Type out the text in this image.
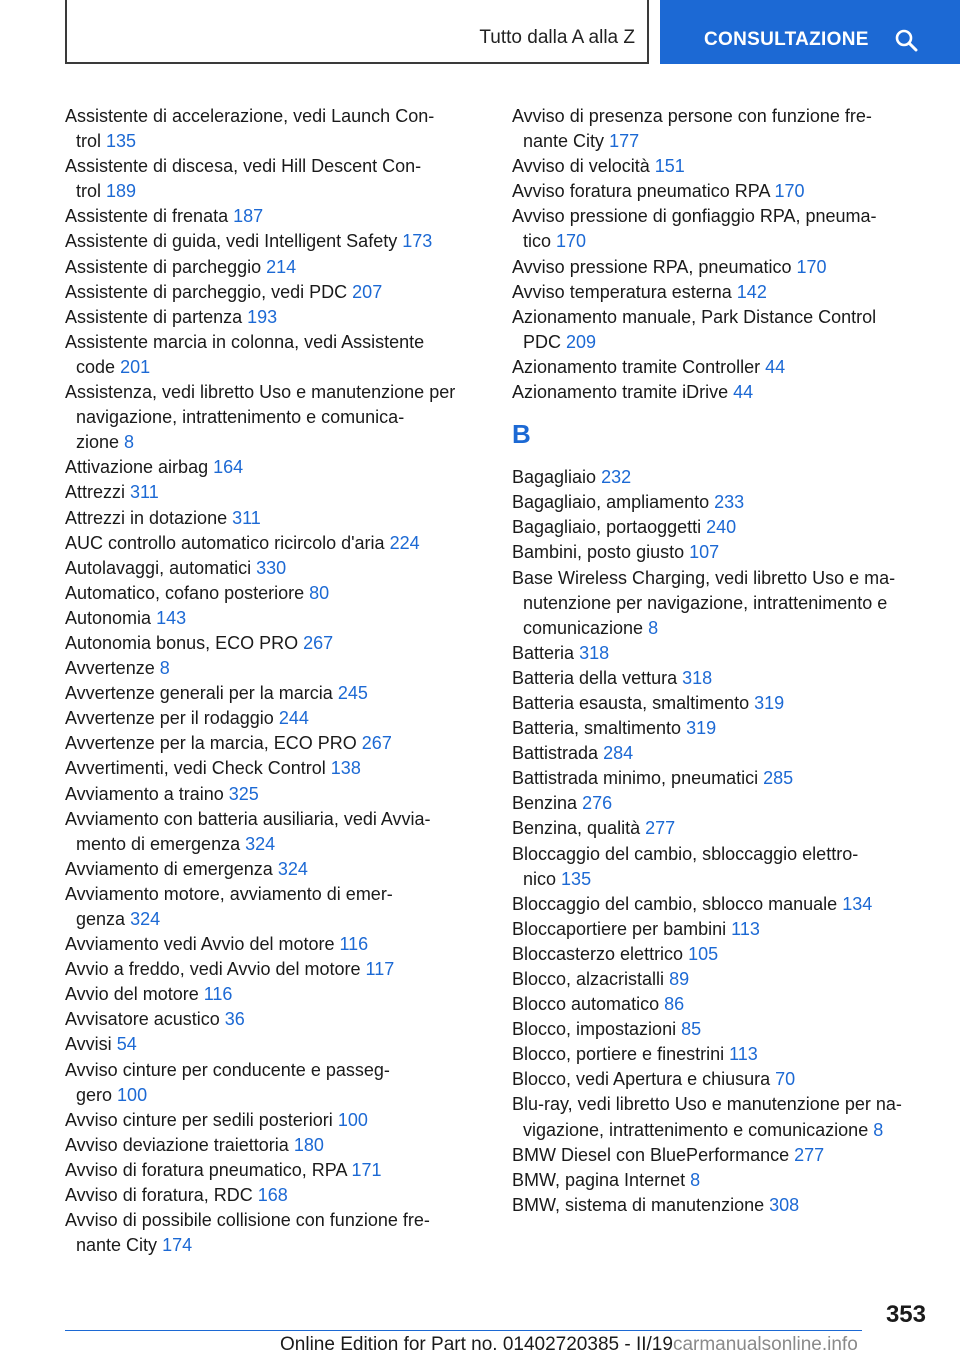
Tutto dalla A alla Z	CONSULTAZIONE
Assistente di accelerazione, vedi Launch Con-
trol 135
Assistente di discesa, vedi Hill Descent Con-
trol 189
Assistente di frenata 187
Assistente di guida, vedi Intelligent Safety 173
Assistente di parcheggio 214
Assistente di parcheggio, vedi PDC 207
Assistente di partenza 193
Assistente marcia in colonna, vedi Assistente
code 201
Assistenza, vedi libretto Uso e manutenzione per
navigazione, intrattenimento e comunica-
zione 8
Attivazione airbag 164
Attrezzi 311
Attrezzi in dotazione 311
AUC controllo automatico ricircolo d'aria 224
Autolavaggi, automatici 330
Automatico, cofano posteriore 80
Autonomia 143
Autonomia bonus, ECO PRO 267
Avvertenze 8
Avvertenze generali per la marcia 245
Avvertenze per il rodaggio 244
Avvertenze per la marcia, ECO PRO 267
Avvertimenti, vedi Check Control 138
Avviamento a traino 325
Avviamento con batteria ausiliaria, vedi Avvia-
mento di emergenza 324
Avviamento di emergenza 324
Avviamento motore, avviamento di emer-
genza 324
Avviamento vedi Avvio del motore 116
Avvio a freddo, vedi Avvio del motore 117
Avvio del motore 116
Avvisatore acustico 36
Avvisi 54
Avviso cinture per conducente e passeg-
gero 100
Avviso cinture per sedili posteriori 100
Avviso deviazione traiettoria 180
Avviso di foratura pneumatico, RPA 171
Avviso di foratura, RDC 168
Avviso di possibile collisione con funzione fre-
nante City 174
Avviso di presenza persone con funzione fre-
nante City 177
Avviso di velocità 151
Avviso foratura pneumatico RPA 170
Avviso pressione di gonfiaggio RPA, pneuma-
tico 170
Avviso pressione RPA, pneumatico 170
Avviso temperatura esterna 142
Azionamento manuale, Park Distance Control
PDC 209
Azionamento tramite Controller 44
Azionamento tramite iDrive 44
B
Bagagliaio 232
Bagagliaio, ampliamento 233
Bagagliaio, portaoggetti 240
Bambini, posto giusto 107
Base Wireless Charging, vedi libretto Uso e ma-
nutenzione per navigazione, intrattenimento e
comunicazione 8
Batteria 318
Batteria della vettura 318
Batteria esausta, smaltimento 319
Batteria, smaltimento 319
Battistrada 284
Battistrada minimo, pneumatici 285
Benzina 276
Benzina, qualità 277
Bloccaggio del cambio, sbloccaggio elettro-
nico 135
Bloccaggio del cambio, sblocco manuale 134
Bloccaportiere per bambini 113
Bloccasterzo elettrico 105
Blocco, alzacristalli 89
Blocco automatico 86
Blocco, impostazioni 85
Blocco, portiere e finestrini 113
Blocco, vedi Apertura e chiusura 70
Blu-ray, vedi libretto Uso e manutenzione per na-
vigazione, intrattenimento e comunicazione 8
BMW Diesel con BluePerformance 277
BMW, pagina Internet 8
BMW, sistema di manutenzione 308
353
Online Edition for Part no. 01402720385 - II/19carmanualsonline.info
